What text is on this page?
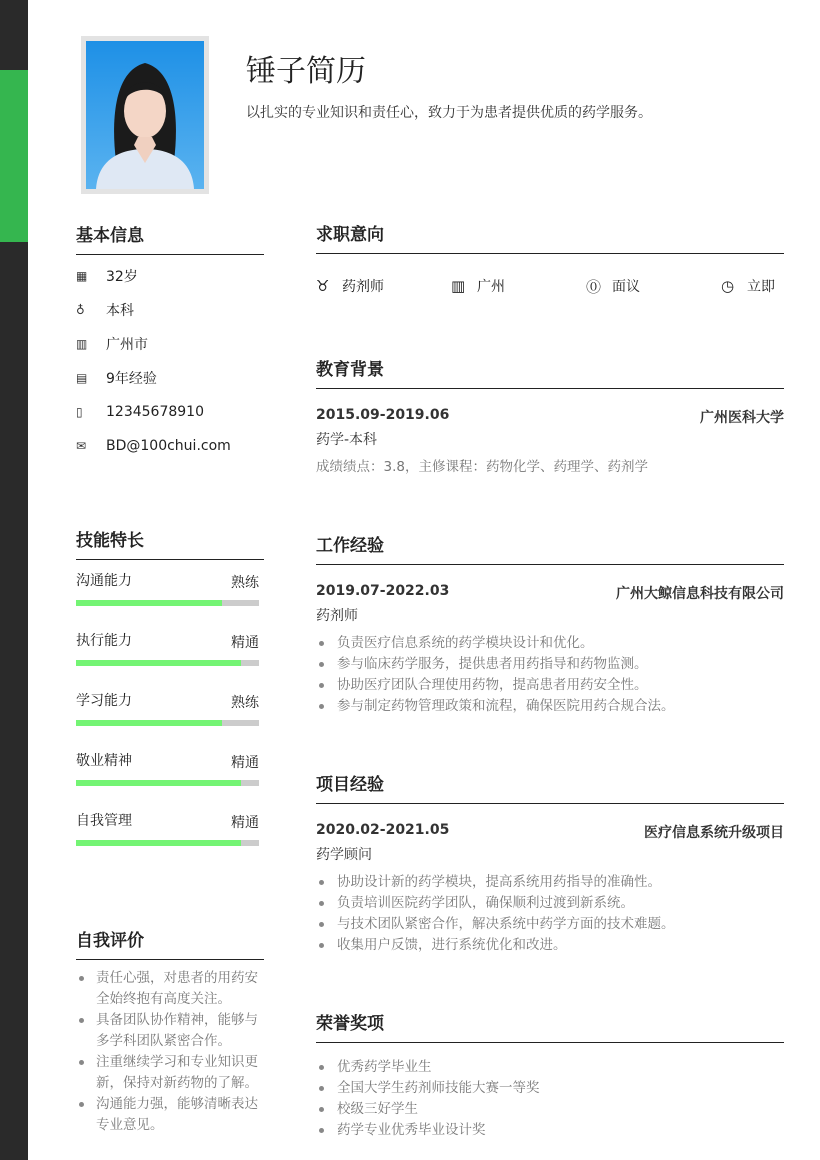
锤子简历
以扎实的专业知识和责任心，致力于为患者提供优质的药学服务。
基本信息
▦	32岁
♁	本科
▥	广州市
▤	9年经验
▯	12345678910
✉	BD@100chui.com
技能特长
沟通能力	熟练
执行能力	精通
学习能力	熟练
敬业精神	精通
自我管理	精通
自我评价
责任心强，对患者的用药安全始终抱有高度关注。
具备团队协作精神，能够与多学科团队紧密合作。
注重继续学习和专业知识更新，保持对新药物的了解。
沟通能力强，能够清晰表达专业意见。
求职意向
♉ 药剂师	▥ 广州	⓪ 面议	◷ 立即
教育背景
2015.09-2019.06	广州医科大学
药学-本科
成绩绩点：3.8，主修课程：药物化学、药理学、药剂学
工作经验
2019.07-2022.03	广州大鲸信息科技有限公司
药剂师
负责医疗信息系统的药学模块设计和优化。
参与临床药学服务，提供患者用药指导和药物监测。
协助医疗团队合理使用药物，提高患者用药安全性。
参与制定药物管理政策和流程，确保医院用药合规合法。
项目经验
2020.02-2021.05	医疗信息系统升级项目
药学顾问
协助设计新的药学模块，提高系统用药指导的准确性。
负责培训医院药学团队，确保顺利过渡到新系统。
与技术团队紧密合作，解决系统中药学方面的技术难题。
收集用户反馈，进行系统优化和改进。
荣誉奖项
优秀药学毕业生
全国大学生药剂师技能大赛一等奖
校级三好学生
药学专业优秀毕业设计奖
